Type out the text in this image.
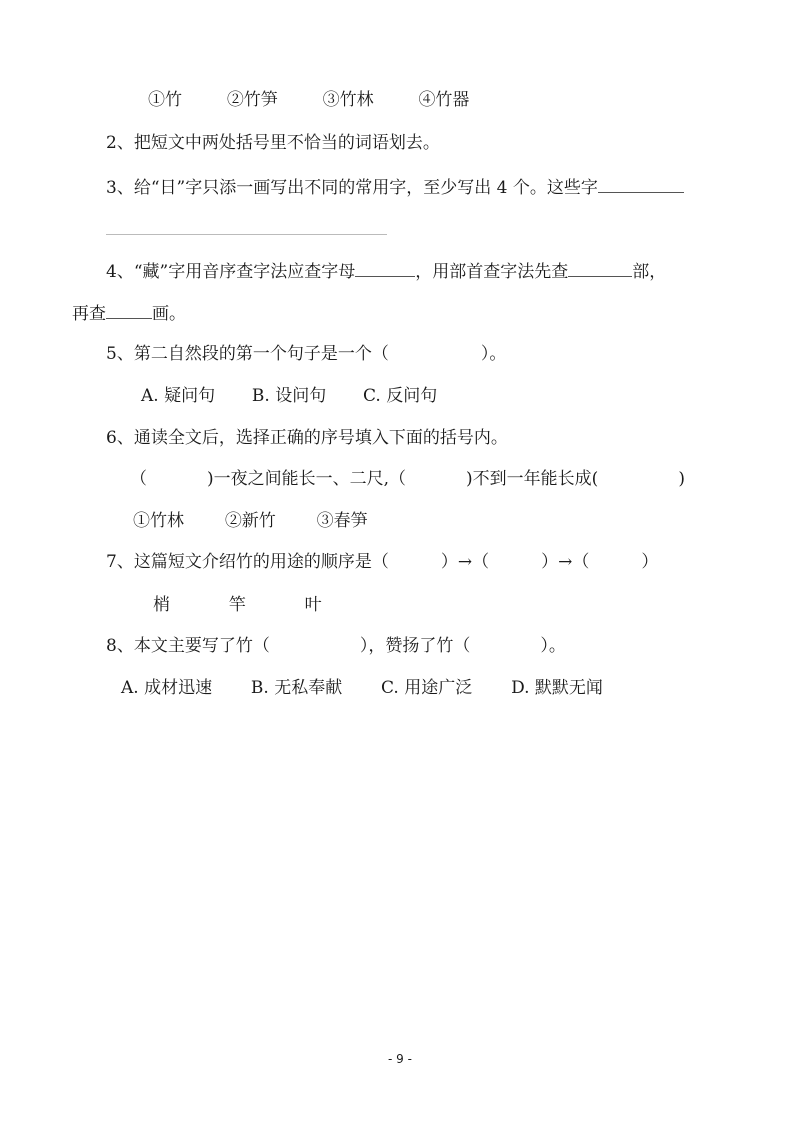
①竹	②竹笋	③竹林	④竹器
2、把短文中两处括号里不恰当的词语划去。
3、给“日”字只添一画写出不同的常用字，至少写出 4 个。这些字
4、“藏”字用音序查字法应查字母	，用部首查字法先查	部，
再查	画。
5、第二自然段的第一个句子是一个（	）。
A. 疑问句 B. 设问句 C. 反问句
6、通读全文后，选择正确的序号填入下面的括号内。
（	)一夜之间能长一、二尺,（	)不到一年能长成(	)
①竹林 ②新竹 ③春笋
7、这篇短文介绍竹的用途的顺序是（	）→（	）→（	）
梢	竿	叶
8、本文主要写了竹（	），赞扬了竹（	）。
A. 成材迅速 B. 无私奉献 C. 用途广泛 D. 默默无闻
- 9 -
